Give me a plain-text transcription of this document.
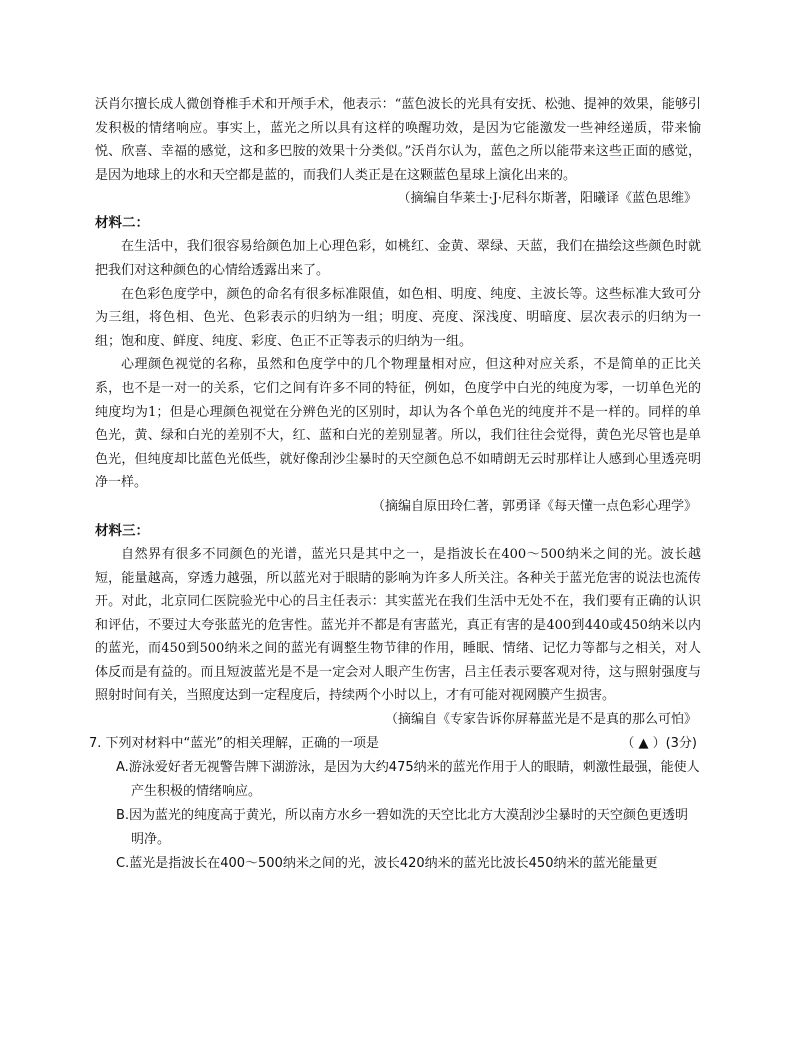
沃肖尔擅长成人微创脊椎手术和开颅手术，他表示：“蓝色波长的光具有安抚、松弛、提神的效果，能够引发积极的情绪响应。事实上，蓝光之所以具有这样的唤醒功效，是因为它能激发一些神经递质，带来愉悦、欣喜、幸福的感觉，这和多巴胺的效果十分类似。”沃肖尔认为，蓝色之所以能带来这些正面的感觉，是因为地球上的水和天空都是蓝的，而我们人类正是在这颗蓝色星球上演化出来的。

（摘编自华莱士·J·尼科尔斯著，阳曦译《蓝色思维》

材料二：

在生活中，我们很容易给颜色加上心理色彩，如桃红、金黄、翠绿、天蓝，我们在描绘这些颜色时就把我们对这种颜色的心情给透露出来了。

在色彩色度学中，颜色的命名有很多标准限值，如色相、明度、纯度、主波长等。这些标准大致可分为三组，将色相、色光、色彩表示的归纳为一组；明度、亮度、深浅度、明暗度、层次表示的归纳为一组；饱和度、鲜度、纯度、彩度、色正不正等表示的归纳为一组。

心理颜色视觉的名称，虽然和色度学中的几个物理量相对应，但这种对应关系，不是简单的正比关系，也不是一对一的关系，它们之间有许多不同的特征，例如，色度学中白光的纯度为零，一切单色光的纯度均为1；但是心理颜色视觉在分辨色光的区别时，却认为各个单色光的纯度并不是一样的。同样的单色光，黄、绿和白光的差别不大，红、蓝和白光的差别显著。所以，我们往往会觉得，黄色光尽管也是单色光，但纯度却比蓝色光低些，就好像刮沙尘暴时的天空颜色总不如晴朗无云时那样让人感到心里透亮明净一样。

（摘编自原田玲仁著，郭勇译《每天懂一点色彩心理学》

材料三：

自然界有很多不同颜色的光谱，蓝光只是其中之一，是指波长在400～500纳米之间的光。波长越短，能量越高，穿透力越强，所以蓝光对于眼睛的影响为许多人所关注。各种关于蓝光危害的说法也流传开。对此，北京同仁医院验光中心的吕主任表示：其实蓝光在我们生活中无处不在，我们要有正确的认识和评估，不要过大夸张蓝光的危害性。蓝光并不都是有害蓝光，真正有害的是400到440或450纳米以内的蓝光，而450到500纳米之间的蓝光有调整生物节律的作用，睡眠、情绪、记忆力等都与之相关，对人体反而是有益的。而且短波蓝光是不是一定会对人眼产生伤害，吕主任表示要客观对待，这与照射强度与照射时间有关，当照度达到一定程度后，持续两个小时以上，才有可能对视网膜产生损害。

（摘编自《专家告诉你屏幕蓝光是不是真的那么可怕》

7. 下列对材料中“蓝光”的相关理解，正确的一项是	（ ▲ ）(3分)

A.游泳爱好者无视警告牌下湖游泳，是因为大约475纳米的蓝光作用于人的眼睛，刺激性最强，能使人产生积极的情绪响应。

B.因为蓝光的纯度高于黄光，所以南方水乡一碧如洗的天空比北方大漠刮沙尘暴时的天空颜色更透明明净。

C.蓝光是指波长在400～500纳米之间的光，波长420纳米的蓝光比波长450纳米的蓝光能量更
